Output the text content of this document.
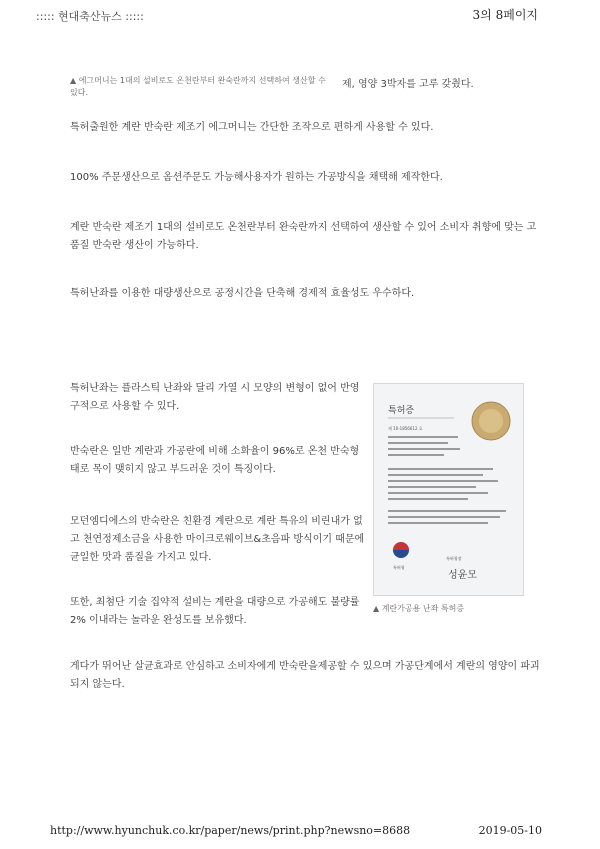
::::: 현대축산뉴스 :::::	3의 8페이지
▲ 에그머니는 1대의 설비로도 온천란부터 완숙란까지 선택하여 생산할 수 있다.
제, 영양 3박자를 고루 갖췄다.
특허출원한 계란 반숙란 제조기 에그머니는 간단한 조작으로 편하게 사용할 수 있다.
100% 주문생산으로 옴션주문도 가능해사용자가 원하는 가공방식을 채택해 제작한다.
계란 반숙란 제조기 1대의 설비로도 온천란부터 완숙란까지 선택하여 생산할 수 있어 소비자 취향에 맞는 고품질 반숙란 생산이 가능하다.
특허난좌를 이용한 대량생산으로 공정시간을 단축해 경제적 효율성도 우수하다.
특허난좌는 플라스틱 난좌와 달리 가열 시 모양의 변형이 없어 반영구적으로 사용할 수 있다.
반숙란은 일반 계란과 가공란에 비해 소화율이 96%로 온천 반숙형태로 목이 맺히지 않고 부드러운 것이 특징이다.
모던엠디에스의 반숙란은 친환경 계란으로 계란 특유의 비린내가 없고 천연정제소금을 사용한 마이크로웨이브&초음파 방식이기 때문에 균일한 맛과 품질을 가지고 있다.
또한, 최첨단 기술 집약적 설비는 계란을 대량으로 가공해도 불량률 2% 이내라는 놀라운 완성도를 보유했다.
게다가 뛰어난 살균효과로 안심하고 소비자에게 반숙란을제공할 수 있으며 가공단계에서 계란의 영양이 파괴되지 않는다.
특허증
제 10-1856612 호
특허청
특허청장
성윤모
▲ 계란가공용 난좌 특허증
http://www.hyunchuk.co.kr/paper/news/print.php?newsno=8688	2019-05-10
